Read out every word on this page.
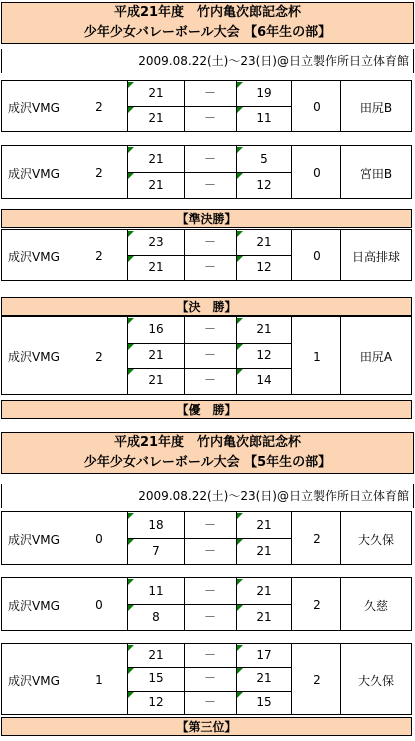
平成21年度　竹内亀次郎記念杯
少年少女バレーボール大会 【6年生の部】
2009.08.22(土)～23(日)@日立製作所日立体育館
成沢VMG	2	0	田尻B
21	－	19
21	－	11
成沢VMG	2	0	宮田B
21	－	5
21	－	12
【準決勝】
成沢VMG	2	0	日高排球
23	－	21
21	－	12
【決　勝】
成沢VMG	2	1	田尻A
16	－	21
21	－	12
21	－	14
【優　勝】
平成21年度　竹内亀次郎記念杯
少年少女バレーボール大会 【5年生の部】
2009.08.22(土)～23(日)@日立製作所日立体育館
成沢VMG	0	2	大久保
18	－	21
7	－	21
成沢VMG	0	2	久慈
11	－	21
8	－	21
成沢VMG	1	2	大久保
21	－	17
15	－	21
12	－	15
【第三位】
